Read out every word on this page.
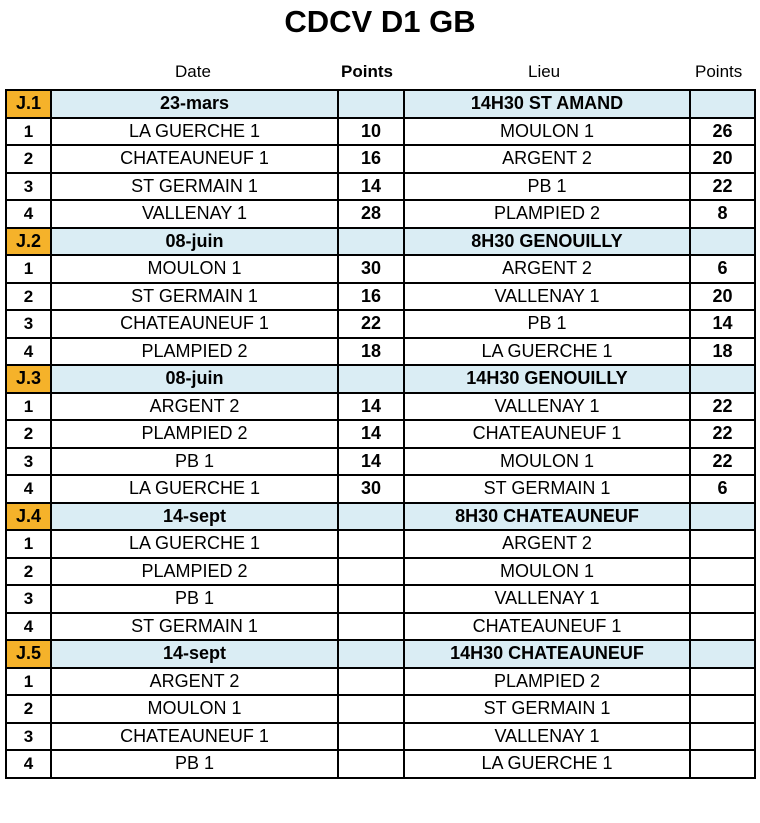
CDCV D1 GB
Date	Points	Lieu	Points
J.1	23-mars		14H30 ST AMAND	
1	LA GUERCHE 1	10	MOULON 1	26
2	CHATEAUNEUF 1	16	ARGENT 2	20
3	ST GERMAIN 1	14	PB 1	22
4	VALLENAY 1	28	PLAMPIED 2	8
J.2	08-juin		8H30 GENOUILLY	
1	MOULON 1	30	ARGENT 2	6
2	ST GERMAIN 1	16	VALLENAY 1	20
3	CHATEAUNEUF 1	22	PB 1	14
4	PLAMPIED 2	18	LA GUERCHE 1	18
J.3	08-juin		14H30 GENOUILLY	
1	ARGENT 2	14	VALLENAY 1	22
2	PLAMPIED 2	14	CHATEAUNEUF 1	22
3	PB 1	14	MOULON 1	22
4	LA GUERCHE 1	30	ST GERMAIN 1	6
J.4	14-sept		8H30 CHATEAUNEUF	
1	LA GUERCHE 1		ARGENT 2	
2	PLAMPIED 2		MOULON 1	
3	PB 1		VALLENAY 1	
4	ST GERMAIN 1		CHATEAUNEUF 1	
J.5	14-sept		14H30 CHATEAUNEUF	
1	ARGENT 2		PLAMPIED 2	
2	MOULON 1		ST GERMAIN 1	
3	CHATEAUNEUF 1		VALLENAY 1	
4	PB 1		LA GUERCHE 1	
